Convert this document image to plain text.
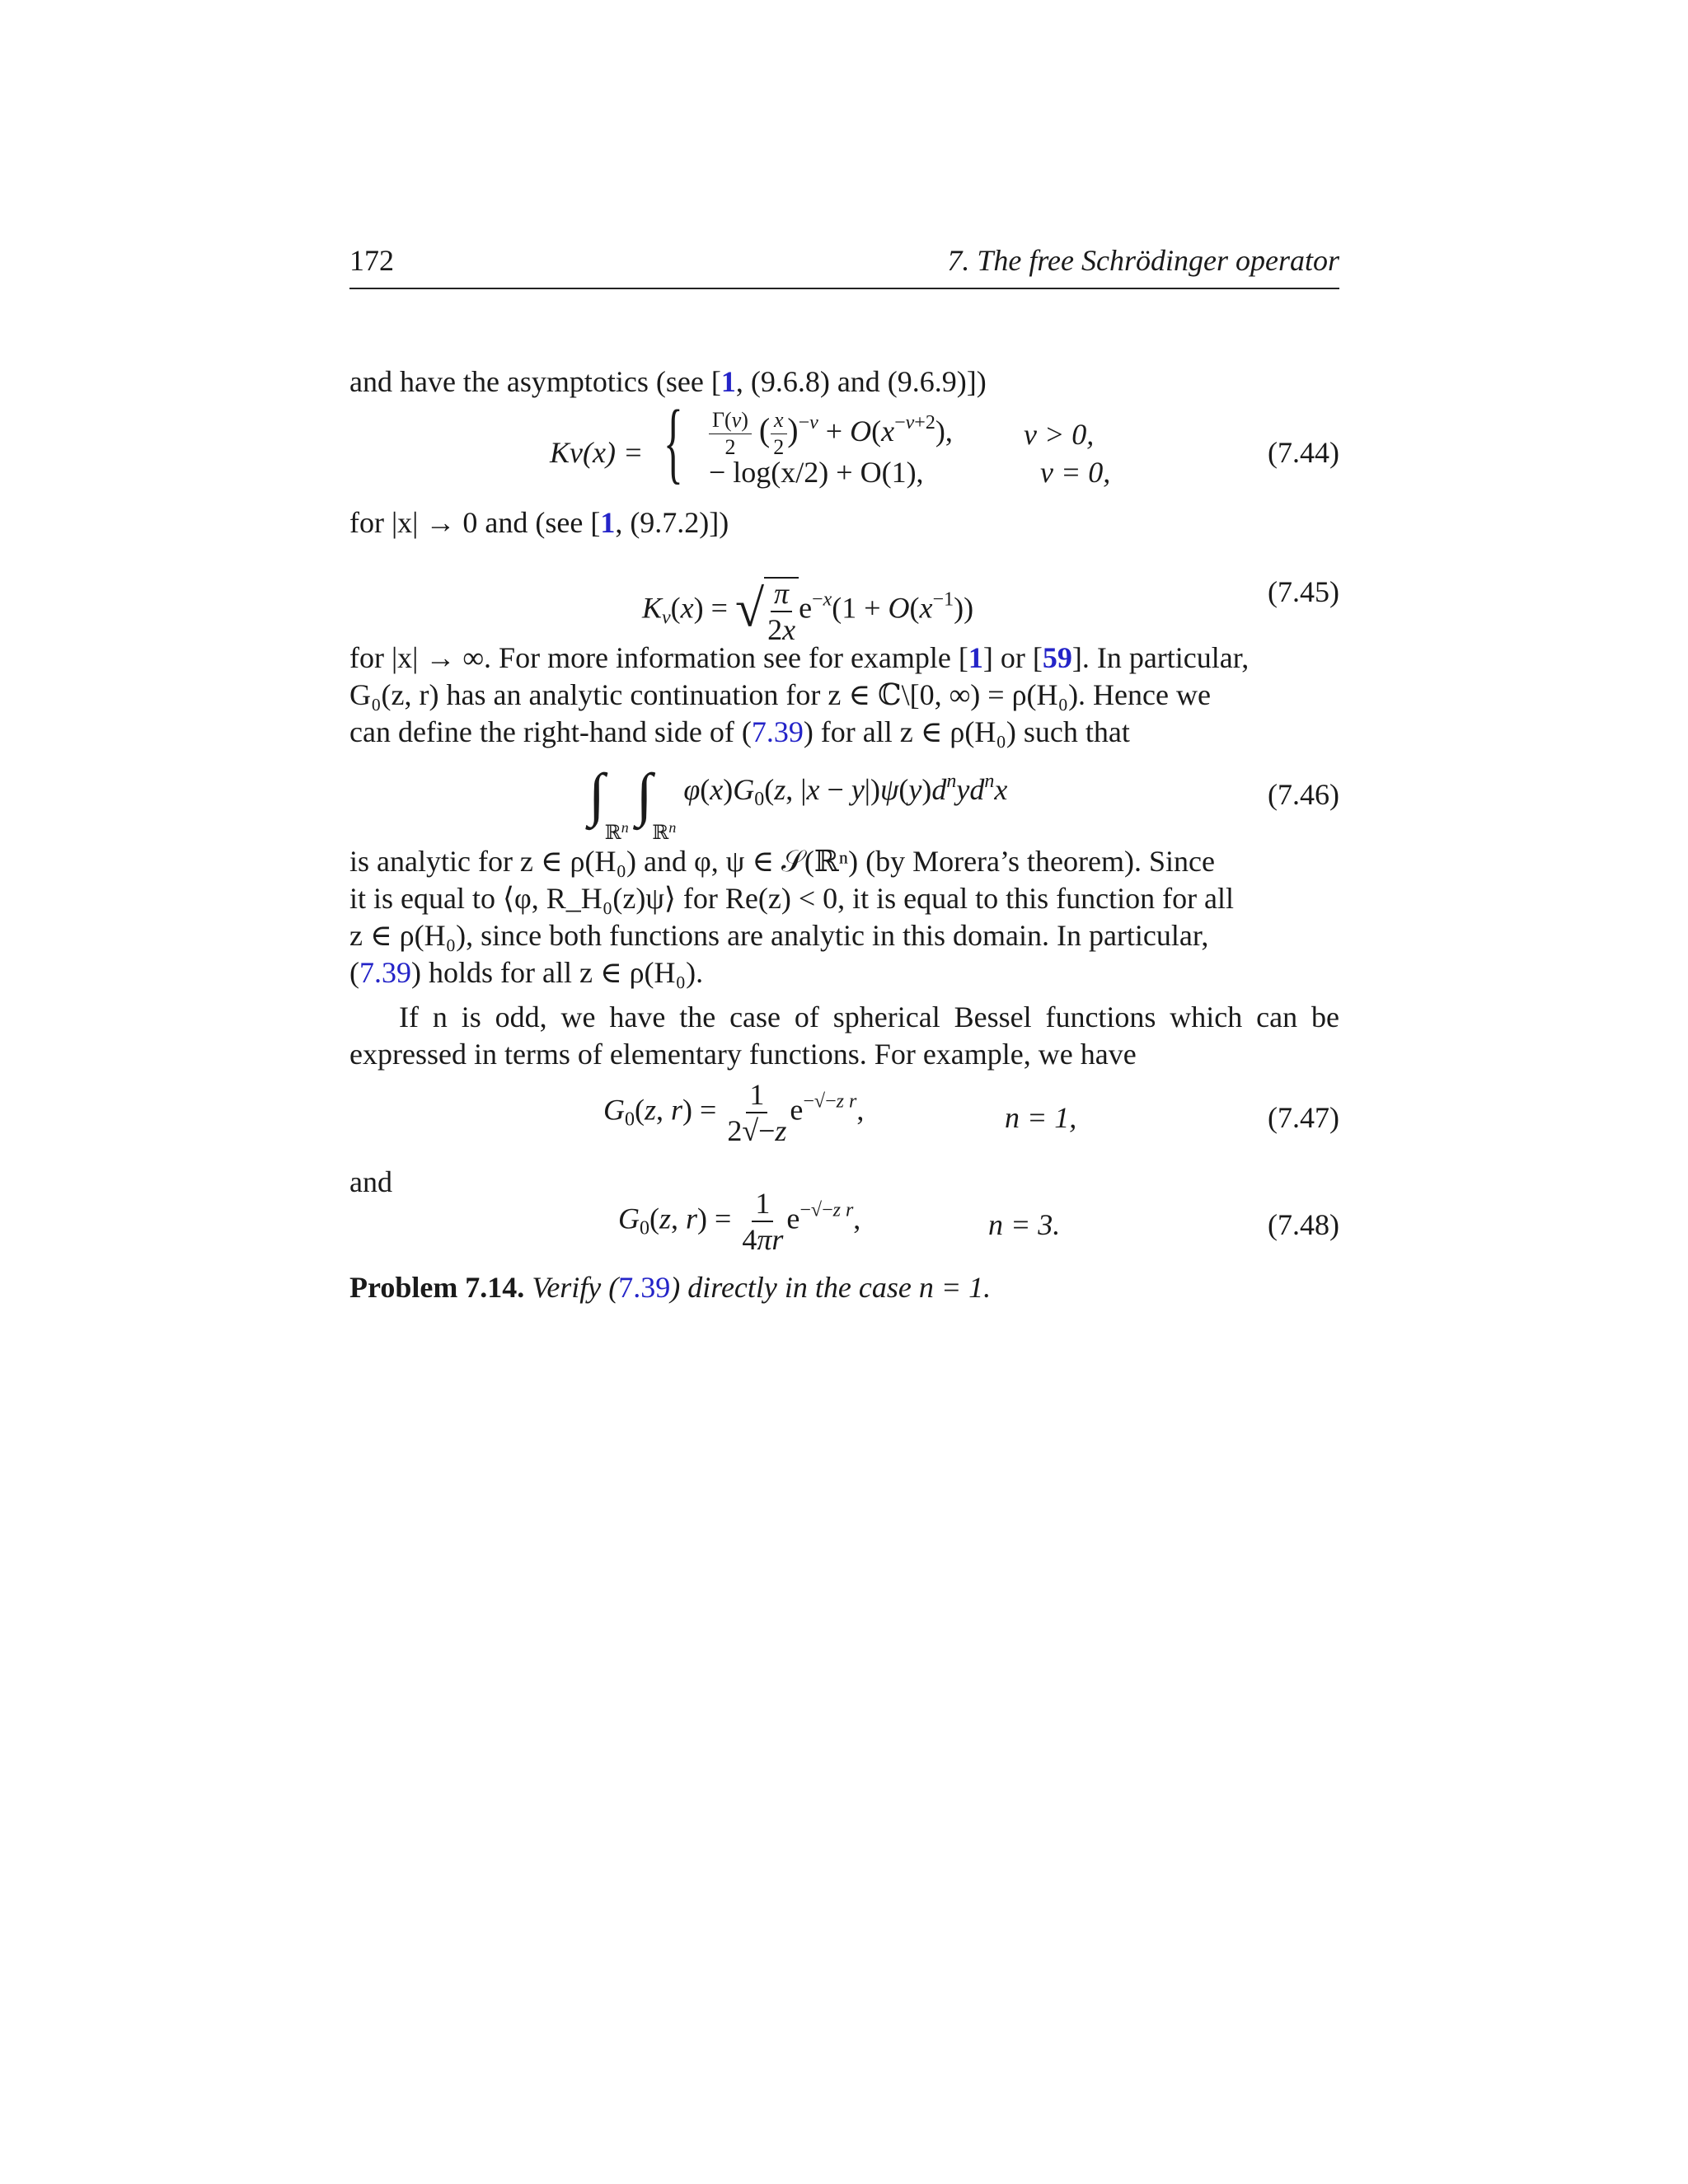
172	7. The free Schrödinger operator
and have the asymptotics (see [1, (9.6.8) and (9.6.9)])
Kν(x) = { $\frac{\Gamma(\nu)}{2}$ ( $\frac{x}{2} )^{-\nu} + O(x^{-\nu+2})$, ν > 0,
− log(x/2) + O(1),	ν = 0,
(7.44)
for |x| → 0 and (see [1, (9.7.2)])
$K_\nu(x)$ = √ $\frac{\pi}{2x} e^{-x}(1 + O(x^{-1}))$	(7.45)
for |x| → ∞. For more information see for example [1] or [59]. In particular,
G₀(z, r) has an analytic continuation for z ∈ ℂ\[0, ∞) = ρ(H₀). Hence we
can define the right-hand side of (7.39) for all z ∈ ρ(H₀) such that
$\int_{ℝ^n}$ $\int_{ℝ^n}$ $\varphi(x)G_0(z$, $|x - y|)\psi(y)d^nyd^nx$	(7.46)
is analytic for z ∈ ρ(H₀) and φ, ψ ∈ 𝒮(ℝⁿ) (by Morera’s theorem). Since
it is equal to ⟨φ, R_H₀(z)ψ⟩ for Re(z) < 0, it is equal to this function for all
z ∈ ρ(H₀), since both functions are analytic in this domain. In particular,
(7.39) holds for all z ∈ ρ(H₀).
If n is odd, we have the case of spherical Bessel functions which can be expressed in terms of elementary functions. For example, we have
$G_0(z$, $r) = \frac{1}{2√-z} e^{-√-z r}$,	n = 1,	(7.47)
and
$G_0(z$, $r) = \frac{1}{4\pi r} e^{-√-z r}$,	n = 3.	(7.48)
Problem 7.14. Verify (7.39) directly in the case n = 1.
